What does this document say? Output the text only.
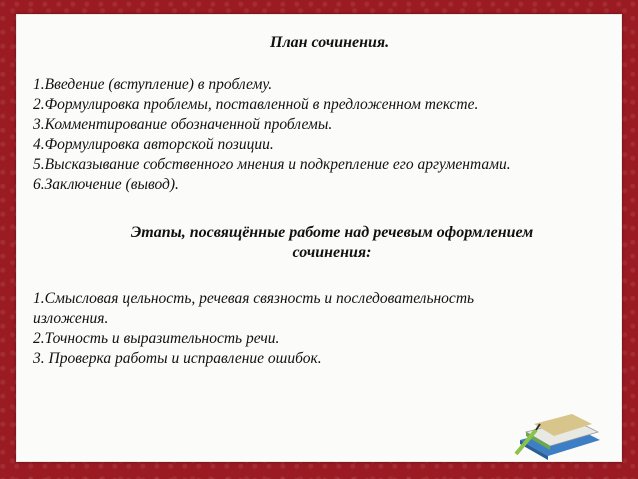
План сочинения.
1.Введение (вступление) в проблему.
2.Формулировка проблемы, поставленной в предложенном тексте.
3.Комментирование обозначенной проблемы.
4.Формулировка авторской позиции.
5.Высказывание собственного мнения и подкрепление его аргументами.
6.Заключение (вывод).
Этапы, посвящённые работе над речевым оформлением
сочинения:
1.Смысловая цельность, речевая связность и последовательность
изложения.
2.Точность и выразительность речи.
3. Проверка работы и исправление ошибок.
